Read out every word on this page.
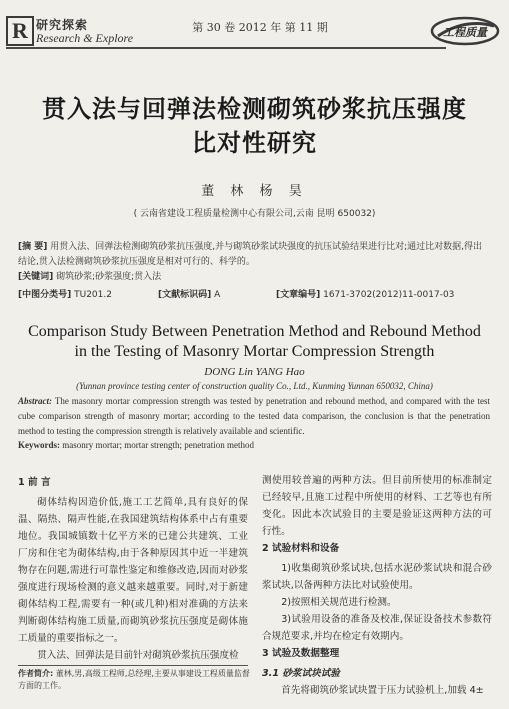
R 研究探索
Research & Explore
第 30 卷 2012 年 第 11 期	工程质量
贯入法与回弹法检测砌筑砂浆抗压强度
比对性研究
董 林 杨 昊
( 云南省建设工程质量检测中心有限公司,云南 昆明 650032)
[摘 要] 用贯入法、回弹法检测砌筑砂浆抗压强度,并与砌筑砂浆试块强度的抗压试验结果进行比对;通过比对数据,得出结论,贯入法检测砌筑砂浆抗压强度是相对可行的、科学的。
[关键词] 砌筑砂浆;砂浆强度;贯入法
[中图分类号] TU201.2	[文献标识码] A	[文章编号] 1671-3702(2012)11-0017-03
Comparison Study Between Penetration Method and Rebound Method
in the Testing of Masonry Mortar Compression Strength
DONG Lin YANG Hao
(Yunnan province testing center of construction quality Co., Ltd., Kunming Yunnan 650032, China)
Abstract: The masonry mortar compression strength was tested by penetration and rebound method, and compared with the test cube comparison strength of masonry mortar; according to the tested data comparison, the conclusion is that the penetration method to testing the compression strength is relatively available and scientific.
Keywords: masonry mortar; mortar strength; penetration method
1 前 言

砌体结构因造价低,施工工艺简单,具有良好的保温、隔热、隔声性能,在我国建筑结构体系中占有重要地位。我国城镇数十亿平方米的已建公共建筑、工业厂房和住宅为砌体结构,由于各种原因其中近一半建筑物存在问题,需进行可靠性鉴定和维修改造,因而对砂浆强度进行现场检测的意义越来越重要。同时,对于新建砌体结构工程,需要有一种(或几种)相对准确的方法来判断砌体结构施工质量,而砌筑砂浆抗压强度是砌体施工质量的重要指标之一。

贯入法、回弹法是目前针对砌筑砂浆抗压强度检

测使用较普遍的两种方法。但目前所使用的标准制定已经较早,且施工过程中所使用的材料、工艺等也有所变化。因此本次试验目的主要是验证这两种方法的可行性。

2 试验材料和设备

1)收集砌筑砂浆试块,包括水泥砂浆试块和混合砂浆试块,以备两种方法比对试验使用。

2)按照相关规范进行检测。

3)试验用设备的准备及校准,保证设备技术参数符合规范要求,并均在检定有效期内。

3 试验及数据整理
3.1 砂浆试块试验

首先将砌筑砂浆试块置于压力试验机上,加载 4±

作者简介: 董林,男,高级工程师,总经理,主要从事建设工程质量监督方面的工作。
